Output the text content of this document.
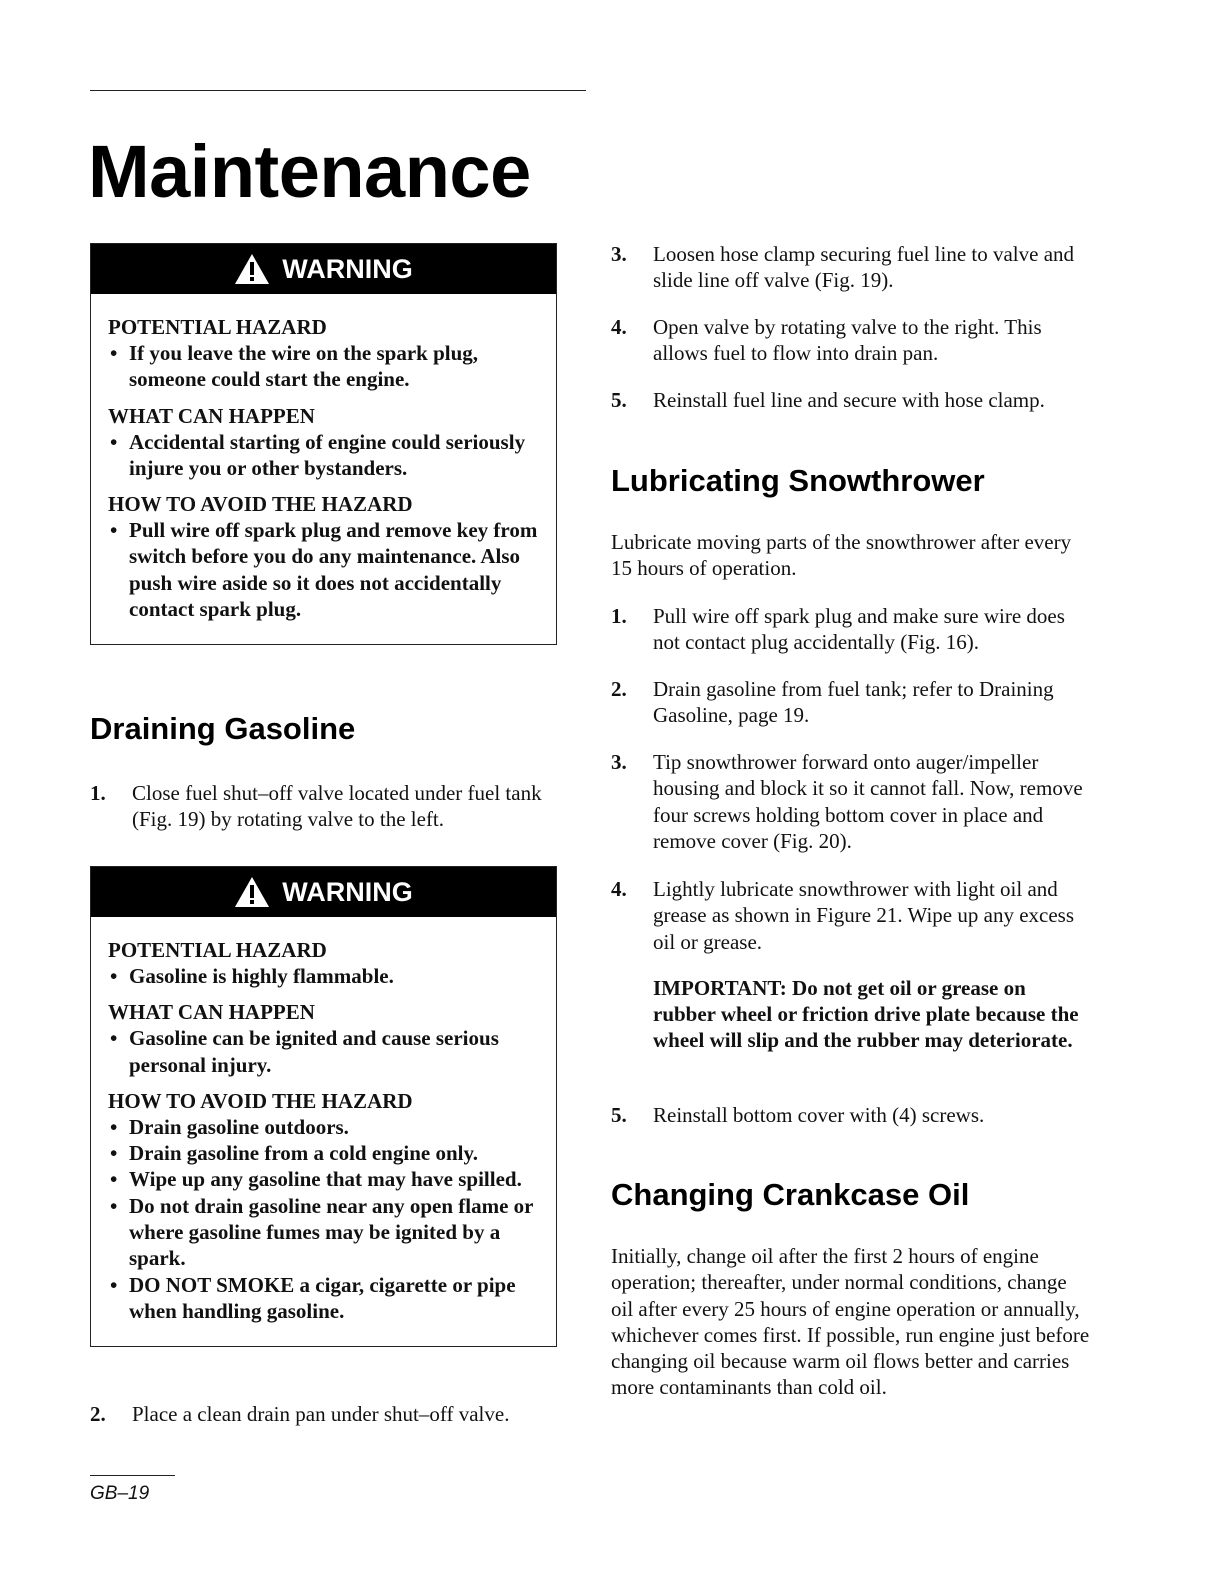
Maintenance
WARNING

POTENTIAL HAZARD

• If you leave the wire on the spark plug, someone could start the engine.

WHAT CAN HAPPEN

• Accidental starting of engine could seriously injure you or other bystanders.

HOW TO AVOID THE HAZARD

• Pull wire off spark plug and remove key from switch before you do any maintenance. Also push wire aside so it does not accidentally contact spark plug.
Draining Gasoline
1. Close fuel shut–off valve located under fuel tank (Fig. 19) by rotating valve to the left.
WARNING

POTENTIAL HAZARD

• Gasoline is highly flammable.

WHAT CAN HAPPEN

• Gasoline can be ignited and cause serious personal injury.

HOW TO AVOID THE HAZARD

• Drain gasoline outdoors.
• Drain gasoline from a cold engine only.
• Wipe up any gasoline that may have spilled.
• Do not drain gasoline near any open flame or where gasoline fumes may be ignited by a spark.
• DO NOT SMOKE a cigar, cigarette or pipe when handling gasoline.
2. Place a clean drain pan under shut–off valve.
3. Loosen hose clamp securing fuel line to valve and slide line off valve (Fig. 19).
4. Open valve by rotating valve to the right. This allows fuel to flow into drain pan.
5. Reinstall fuel line and secure with hose clamp.
Lubricating Snowthrower

Lubricate moving parts of the snowthrower after every 15 hours of operation.

1. Pull wire off spark plug and make sure wire does not contact plug accidentally (Fig. 16).
2. Drain gasoline from fuel tank; refer to Draining Gasoline, page 19.
3. Tip snowthrower forward onto auger/impeller housing and block it so it cannot fall. Now, remove four screws holding bottom cover in place and remove cover (Fig. 20).
4. Lightly lubricate snowthrower with light oil and grease as shown in Figure 21. Wipe up any excess oil or grease.
IMPORTANT: Do not get oil or grease on rubber wheel or friction drive plate because the wheel will slip and the rubber may deteriorate.
5. Reinstall bottom cover with (4) screws.
Changing Crankcase Oil

Initially, change oil after the first 2 hours of engine operation; thereafter, under normal conditions, change oil after every 25 hours of engine operation or annually, whichever comes first. If possible, run engine just before changing oil because warm oil flows better and carries more contaminants than cold oil.

GB–19
